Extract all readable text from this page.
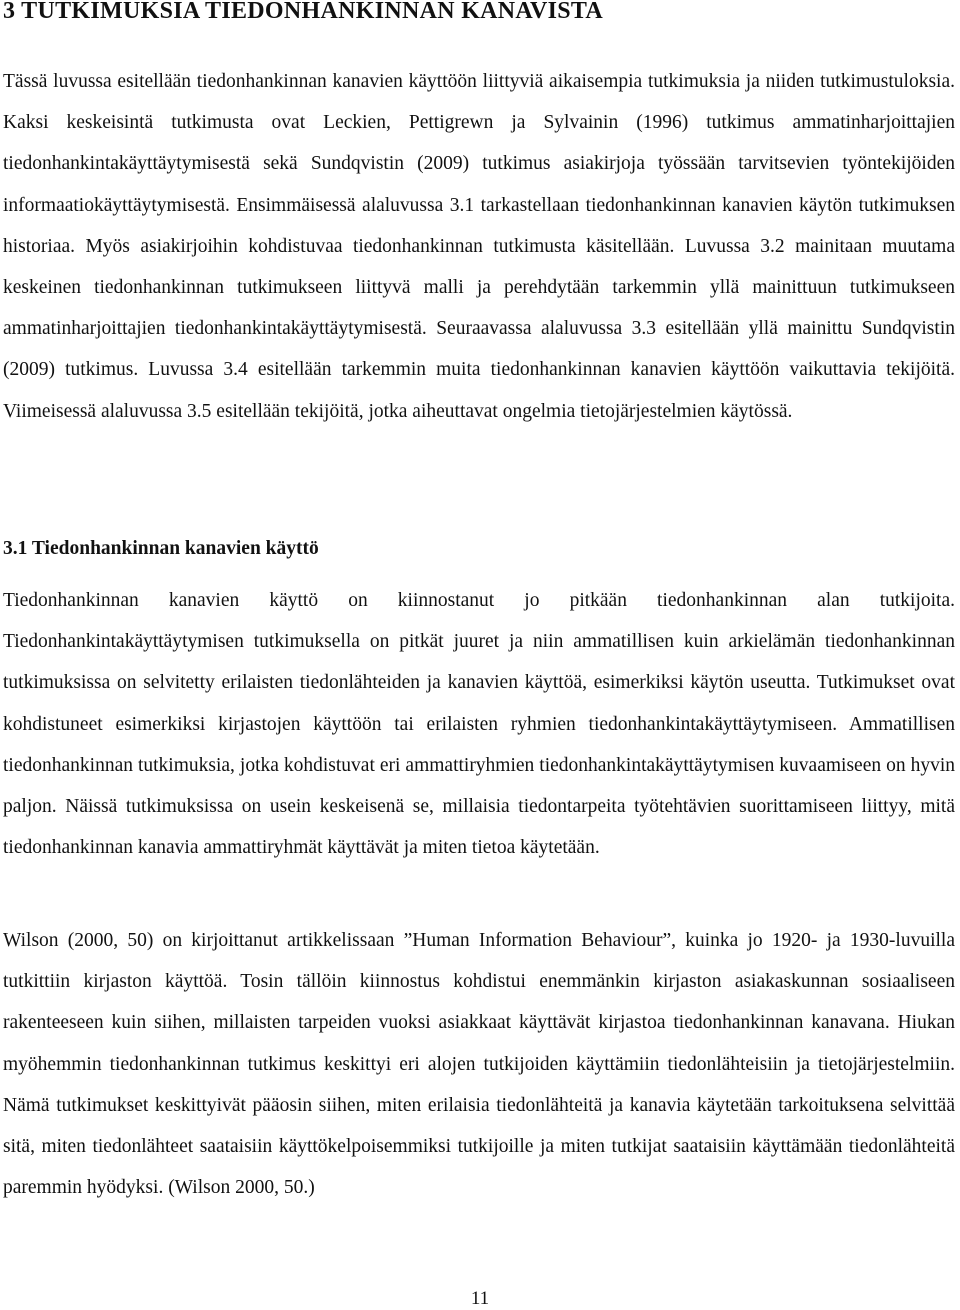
3 TUTKIMUKSIA TIEDONHANKINNAN KANAVISTA

Tässä luvussa esitellään tiedonhankinnan kanavien käyttöön liittyviä aikaisempia tutkimuksia ja niiden tutkimustuloksia. Kaksi keskeisintä tutkimusta ovat Leckien, Pettigrewn ja Sylvainin (1996) tutkimus ammatinharjoittajien tiedonhankintakäyttäytymisestä sekä Sundqvistin (2009) tutkimus asiakirjoja työssään tarvitsevien työntekijöiden informaatiokäyttäytymisestä. Ensimmäisessä alaluvussa 3.1 tarkastellaan tiedonhankinnan kanavien käytön tutkimuksen historiaa. Myös asiakirjoihin kohdistuvaa tiedonhankinnan tutkimusta käsitellään. Luvussa 3.2 mainitaan muutama keskeinen tiedonhankinnan tutkimukseen liittyvä malli ja perehdytään tarkemmin yllä mainittuun tutkimukseen ammatinharjoittajien tiedonhankintakäyttäytymisestä. Seuraavassa alaluvussa 3.3 esitellään yllä mainittu Sundqvistin (2009) tutkimus. Luvussa 3.4 esitellään tarkemmin muita tiedonhankinnan kanavien käyttöön vaikuttavia tekijöitä. Viimeisessä alaluvussa 3.5 esitellään tekijöitä, jotka aiheuttavat ongelmia tietojärjestelmien käytössä.

3.1 Tiedonhankinnan kanavien käyttö

Tiedonhankinnan kanavien käyttö on kiinnostanut jo pitkään tiedonhankinnan alan tutkijoita. Tiedonhankintakäyttäytymisen tutkimuksella on pitkät juuret ja niin ammatillisen kuin arkielämän tiedonhankinnan tutkimuksissa on selvitetty erilaisten tiedonlähteiden ja kanavien käyttöä, esimerkiksi käytön useutta. Tutkimukset ovat kohdistuneet esimerkiksi kirjastojen käyttöön tai erilaisten ryhmien tiedonhankintakäyttäytymiseen. Ammatillisen tiedonhankinnan tutkimuksia, jotka kohdistuvat eri ammattiryhmien tiedonhankintakäyttäytymisen kuvaamiseen on hyvin paljon. Näissä tutkimuksissa on usein keskeisenä se, millaisia tiedontarpeita työtehtävien suorittamiseen liittyy, mitä tiedonhankinnan kanavia ammattiryhmät käyttävät ja miten tietoa käytetään.

Wilson (2000, 50) on kirjoittanut artikkelissaan ”Human Information Behaviour”, kuinka jo 1920- ja 1930-luvuilla tutkittiin kirjaston käyttöä. Tosin tällöin kiinnostus kohdistui enemmänkin kirjaston asiakaskunnan sosiaaliseen rakenteeseen kuin siihen, millaisten tarpeiden vuoksi asiakkaat käyttävät kirjastoa tiedonhankinnan kanavana. Hiukan myöhemmin tiedonhankinnan tutkimus keskittyi eri alojen tutkijoiden käyttämiin tiedonlähteisiin ja tietojärjestelmiin. Nämä tutkimukset keskittyivät pääosin siihen, miten erilaisia tiedonlähteitä ja kanavia käytetään tarkoituksena selvittää sitä, miten tiedonlähteet saataisiin käyttökelpoisemmiksi tutkijoille ja miten tutkijat saataisiin käyttämään tiedonlähteitä paremmin hyödyksi. (Wilson 2000, 50.)

11
